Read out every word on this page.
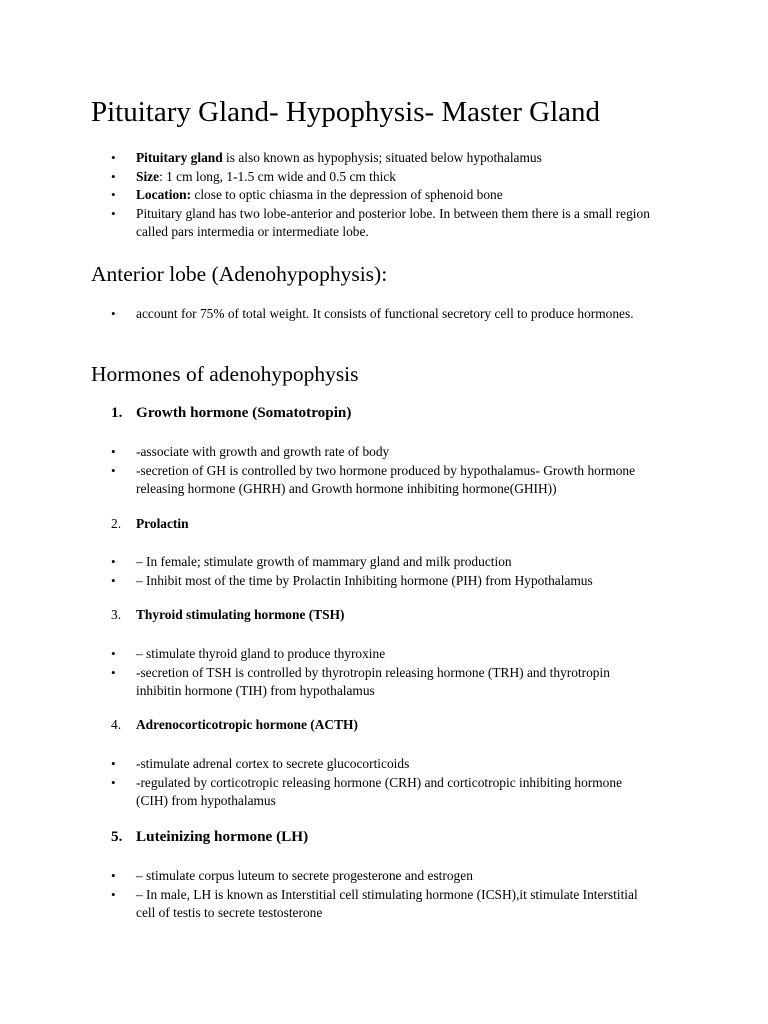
Pituitary Gland- Hypophysis- Master Gland
• Pituitary gland is also known as hypophysis; situated below hypothalamus
• Size: 1 cm long, 1-1.5 cm wide and 0.5 cm thick
• Location: close to optic chiasma in the depression of sphenoid bone
• Pituitary gland has two lobe-anterior and posterior lobe. In between them there is a small region called pars intermedia or intermediate lobe.
Anterior lobe (Adenohypophysis):
• account for 75% of total weight. It consists of functional secretory cell to produce hormones.
Hormones of adenohypophysis
1. Growth hormone (Somatotropin)
• -associate with growth and growth rate of body
• -secretion of GH is controlled by two hormone produced by hypothalamus- Growth hormone releasing hormone (GHRH) and Growth hormone inhibiting hormone(GHIH))
2. Prolactin
• – In female; stimulate growth of mammary gland and milk production
• – Inhibit most of the time by Prolactin Inhibiting hormone (PIH) from Hypothalamus
3. Thyroid stimulating hormone (TSH)
• – stimulate thyroid gland to produce thyroxine
• -secretion of TSH is controlled by thyrotropin releasing hormone (TRH) and thyrotropin inhibitin hormone (TIH) from hypothalamus
4. Adrenocorticotropic hormone (ACTH)
• -stimulate adrenal cortex to secrete glucocorticoids
• -regulated by corticotropic releasing hormone (CRH) and corticotropic inhibiting hormone (CIH) from hypothalamus
5. Luteinizing hormone (LH)
• – stimulate corpus luteum to secrete progesterone and estrogen
• – In male, LH is known as Interstitial cell stimulating hormone (ICSH),it stimulate Interstitial cell of testis to secrete testosterone
